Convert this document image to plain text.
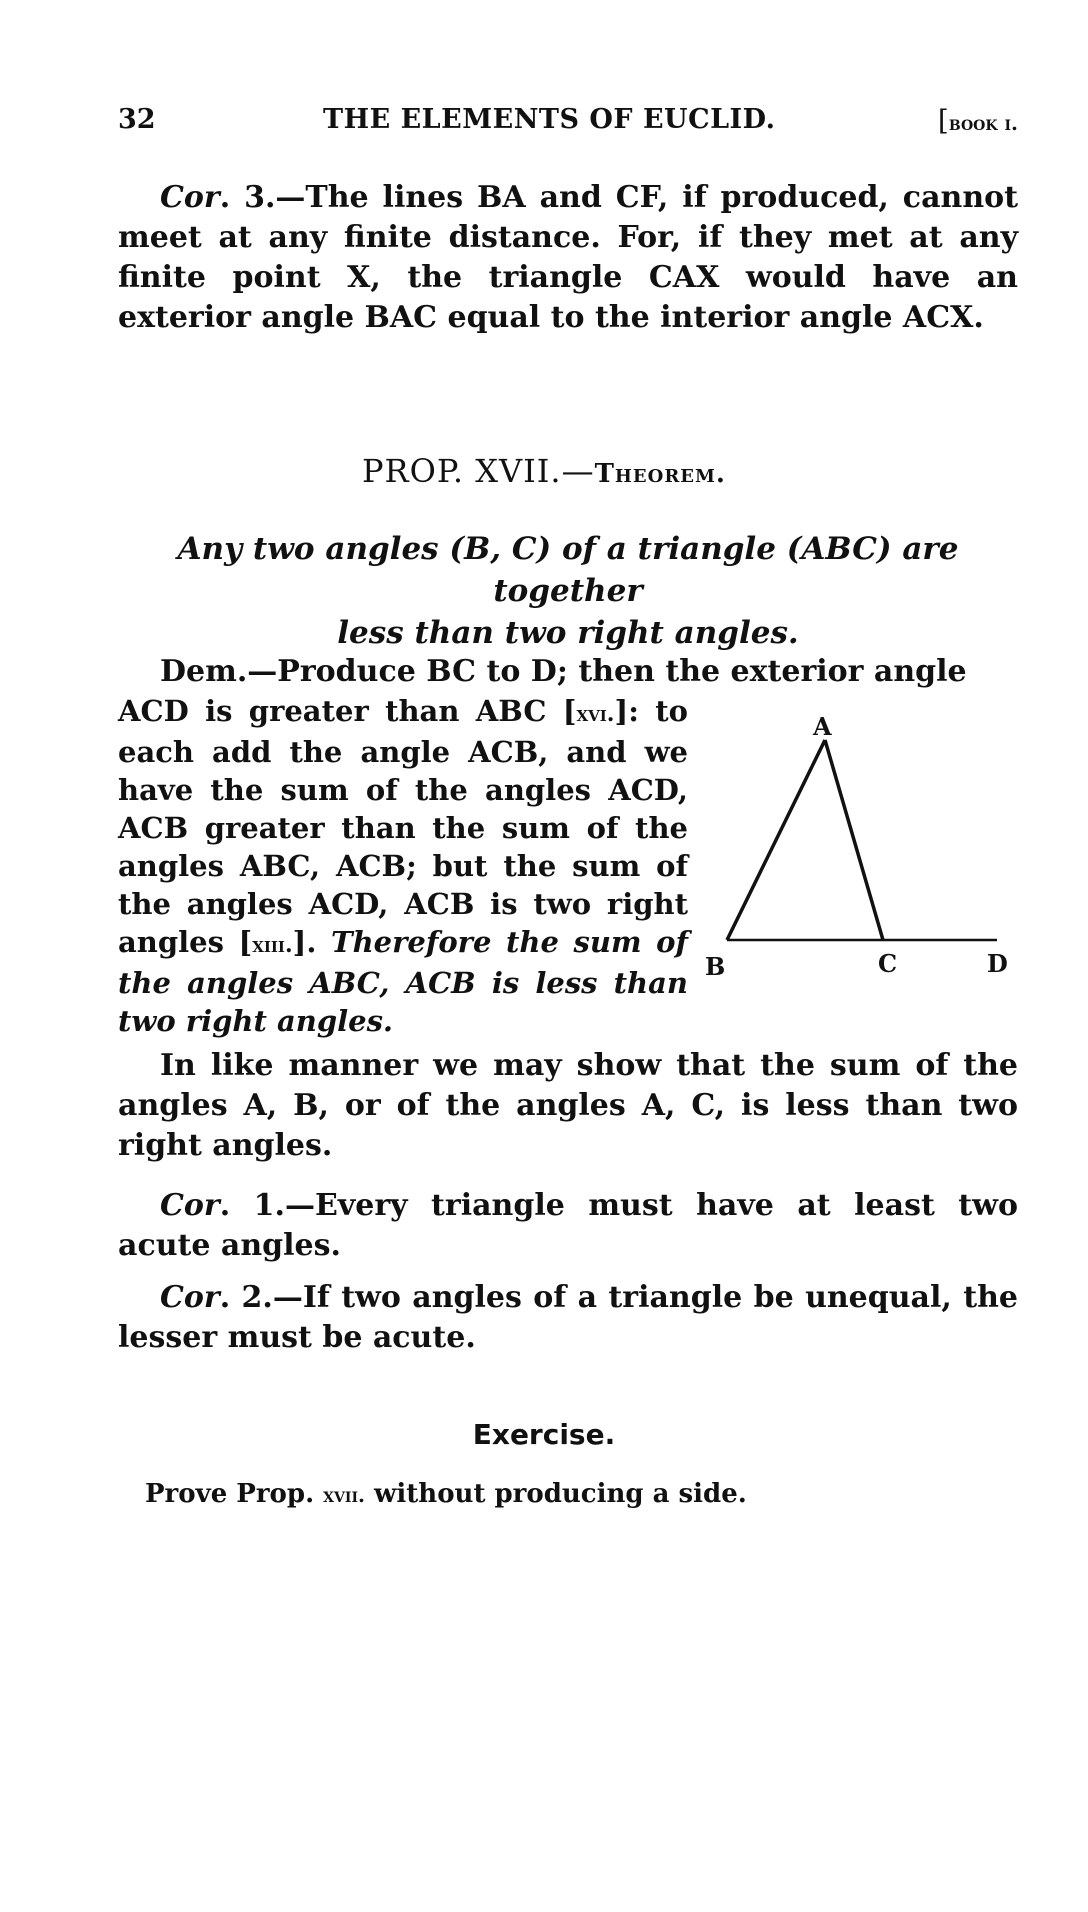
32	THE ELEMENTS OF EUCLID.	[book i.

Cor. 3.—The lines BA and CF, if produced, cannot meet at any finite distance. For, if they met at any finite point X, the triangle CAX would have an exterior angle BAC equal to the interior angle ACX.

PROP. XVII.—Theorem.
Any two angles (B, C) of a triangle (ABC) are together
less than two right angles.

Dem.—Produce BC to D; then the exterior angle

ACD is greater than ABC [xvi.]: to each add the angle ACB, and we have the sum of the angles ACD, ACB greater than the sum of the angles ABC, ACB; but the sum of the angles ACD, ACB is two right angles [xiii.]. Therefore the sum of the angles ABC, ACB is less than two right angles.

A
B	C	D

In like manner we may show that the sum of the angles A, B, or of the angles A, C, is less than two right angles.

Cor. 1.—Every triangle must have at least two acute angles.

Cor. 2.—If two angles of a triangle be unequal, the lesser must be acute.

Exercise.

Prove Prop. xvii. without producing a side.
